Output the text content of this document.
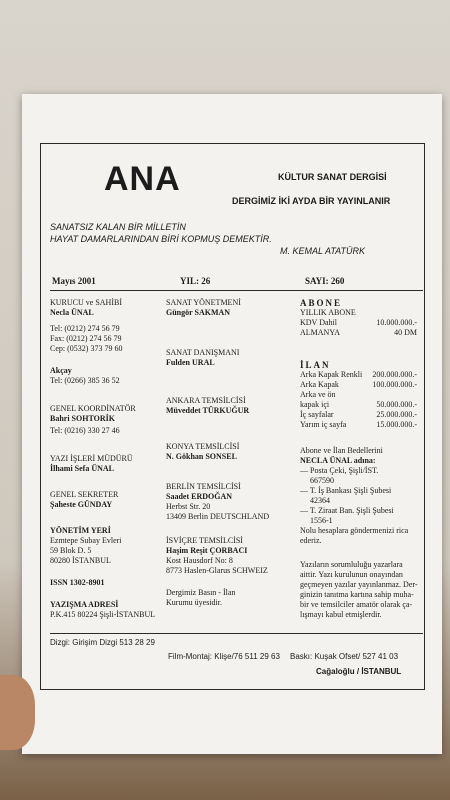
ANA	KÜLTUR SANAT DERGİSİ
DERGİMİZ İKİ AYDA BİR YAYINLANIR
SANATSIZ KALAN BİR MİLLETİN
HAYAT DAMARLARINDAN BİRİ KOPMUŞ DEMEKTİR.
M. KEMAL ATATÜRK
Mayıs 2001	YIL: 26	SAYI: 260
KURUCU ve SAHİBİ
Necla ÜNAL
Tel: (0212) 274 56 79
Fax: (0212) 274 56 79
Cep: (0532) 373 79 60
Akçay
Tel: (0266) 385 36 52
GENEL KOORDİNATÖR
Bahri SOHTORİK
Tel: (0216) 330 27 46
YAZI İŞLERİ MÜDÜRÜ
İlhami Sefa ÜNAL
GENEL SEKRETER
Şaheste GÜNDAY
YÖNETİM YERİ
Ezmtepe Subay Evleri
59 Blok D. 5
80280 İSTANBUL
ISSN 1302-8901
YAZIŞMA ADRESİ
P.K.415 80224 Şişli-İSTANBUL
SANAT YÖNETMENİ
Güngör SAKMAN
SANAT DANIŞMANI
Fulden URAL
ANKARA TEMSİLCİSİ
Müveddet TÜRKUĞUR
KONYA TEMSİLCİSİ
N. Gökhan SONSEL
BERLİN TEMSİLCİSİ
Saadet ERDOĞAN
Herbst Str. 20
13409 Berlin DEUTSCHLAND
İSVİÇRE TEMSİLCİSİ
Haşim Reşit ÇORBACI
Kost Hausdorf No: 8
8773 Haslen-Glarus SCHWEIZ
Dergimiz Basın - İlan
Kurumu üyesidir.
ABONE
YILLIK ABONE
KDV Dahil	10.000.000.-
ALMANYA	40 DM
İLAN
Arka Kapak Renkli 200.000.000.-
Arka Kapak	100.000.000.-
Arka ve ön
kapak içi	50.000.000.-
İç sayfalar	25.000.000.-
Yarım iç sayfa	15.000.000.-
Abone ve İlan Bedellerini
NECLA ÜNAL adına:
— Posta Çeki, Şişli/İST.
667590
— T. İş Bankası Şişli Şubesi
42364
— T. Ziraat Ban. Şişli Şubesi
1556-1
Nolu hesaplara göndermenizi rica
ederiz.
Yazıların sorumluluğu yazarlara
aittir. Yazı kurulunun onayından
geçmeyen yazılar yayınlanmaz. Der-
ginizin tanıtma kartına sahip muha-
bir ve temsilciler amatör olarak ça-
lışmayı kabul etmişlerdir.
Dizgi: Girişim Dizgi 513 28 29
Film-Montaj: Klişe/76 511 29 63 Baskı: Kuşak Ofset/ 527 41 03
Cağaloğlu / İSTANBUL
